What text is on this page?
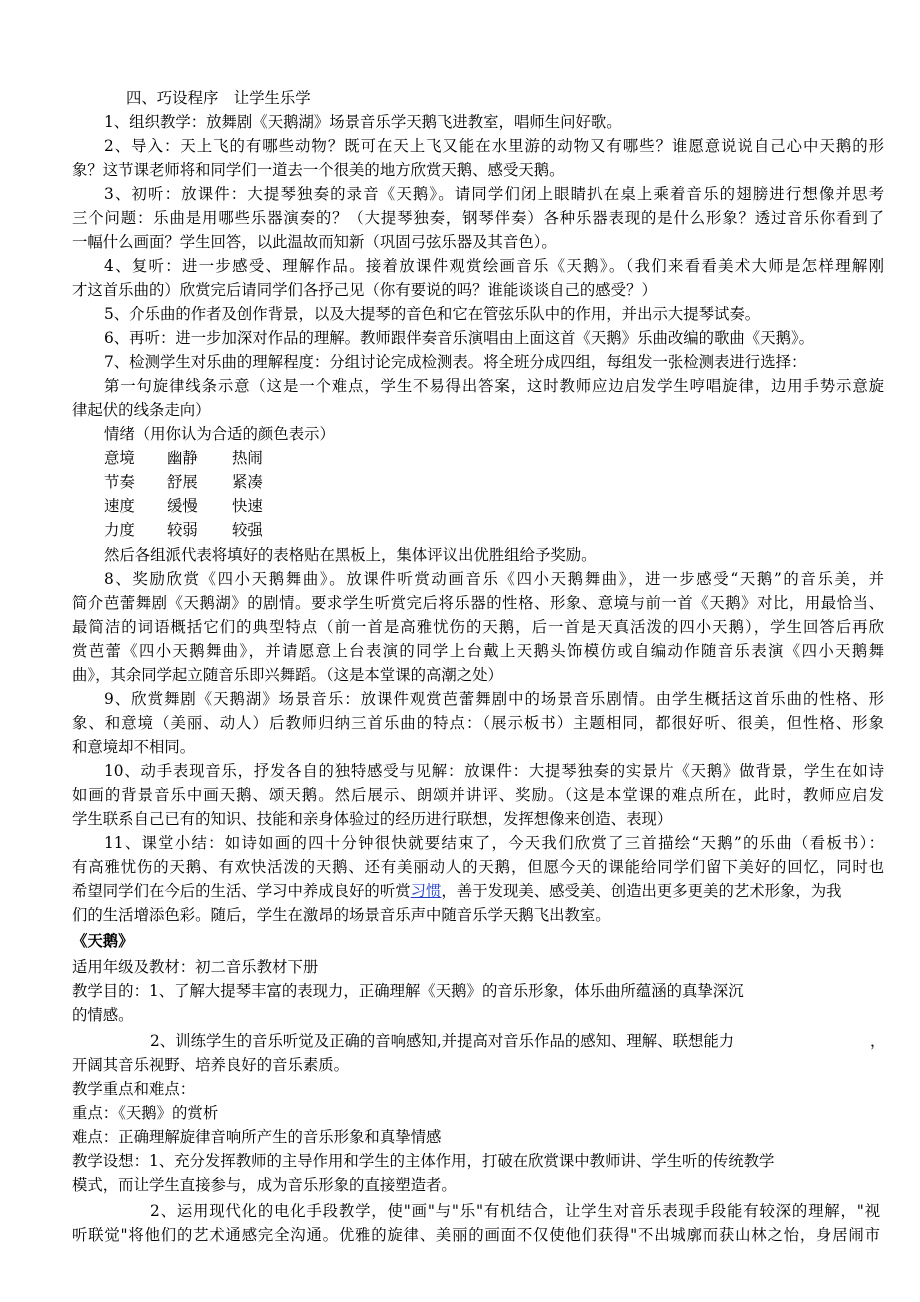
四、巧设程序　让学生乐学
1、组织教学：放舞剧《天鹅湖》场景音乐学天鹅飞进教室，唱师生问好歌。
2、导入：天上飞的有哪些动物？既可在天上飞又能在水里游的动物又有哪些？谁愿意说说自己心中天鹅的形
象？这节课老师将和同学们一道去一个很美的地方欣赏天鹅、感受天鹅。
3、初听：放课件：大提琴独奏的录音《天鹅》。请同学们闭上眼睛扒在桌上乘着音乐的翅膀进行想像并思考
三个问题：乐曲是用哪些乐器演奏的？（大提琴独奏，钢琴伴奏）各种乐器表现的是什么形象？透过音乐你看到了
一幅什么画面？学生回答，以此温故而知新（巩固弓弦乐器及其音色）。
4、复听：进一步感受、理解作品。接着放课件观赏绘画音乐《天鹅》。（我们来看看美术大师是怎样理解刚
才这首乐曲的）欣赏完后请同学们各抒己见（你有要说的吗？谁能谈谈自己的感受？）
5、介乐曲的作者及创作背景，以及大提琴的音色和它在管弦乐队中的作用，并出示大提琴试奏。
6、再听：进一步加深对作品的理解。教师跟伴奏音乐演唱由上面这首《天鹅》乐曲改编的歌曲《天鹅》。
7、检测学生对乐曲的理解程度：分组讨论完成检测表。将全班分成四组，每组发一张检测表进行选择：
第一句旋律线条示意（这是一个难点，学生不易得出答案，这时教师应边启发学生哼唱旋律，边用手势示意旋
律起伏的线条走向）
情绪（用你认为合适的颜色表示）
意境 幽静 热闹
节奏 舒展 紧凑
速度 缓慢 快速
力度 较弱 较强
然后各组派代表将填好的表格贴在黑板上，集体评议出优胜组给予奖励。
8、奖励欣赏《四小天鹅舞曲》。放课件听赏动画音乐《四小天鹅舞曲》，进一步感受“天鹅”的音乐美，并
简介芭蕾舞剧《天鹅湖》的剧情。要求学生听赏完后将乐器的性格、形象、意境与前一首《天鹅》对比，用最恰当、
最简洁的词语概括它们的典型特点（前一首是高雅忧伤的天鹅，后一首是天真活泼的四小天鹅），学生回答后再欣
赏芭蕾《四小天鹅舞曲》，并请愿意上台表演的同学上台戴上天鹅头饰模仿或自编动作随音乐表演《四小天鹅舞
曲》，其余同学起立随音乐即兴舞蹈。（这是本堂课的高潮之处）
9、欣赏舞剧《天鹅湖》场景音乐：放课件观赏芭蕾舞剧中的场景音乐剧情。由学生概括这首乐曲的性格、形
象、和意境（美丽、动人）后教师归纳三首乐曲的特点：（展示板书）主题相同，都很好听、很美，但性格、形象
和意境却不相同。
10、动手表现音乐，抒发各自的独特感受与见解：放课件：大提琴独奏的实景片《天鹅》做背景，学生在如诗
如画的背景音乐中画天鹅、颂天鹅。然后展示、朗颂并讲评、奖励。（这是本堂课的难点所在，此时，教师应启发
学生联系自己已有的知识、技能和亲身体验过的经历进行联想，发挥想像来创造、表现）
11、课堂小结：如诗如画的四十分钟很快就要结束了，今天我们欣赏了三首描绘“天鹅”的乐曲（看板书）：
有高雅忧伤的天鹅、有欢快活泼的天鹅、还有美丽动人的天鹅，但愿今天的课能给同学们留下美好的回忆，同时也
希望同学们在今后的生活、学习中养成良好的听赏习惯，善于发现美、感受美、创造出更多更美的艺术形象，为我
们的生活增添色彩。随后，学生在激昂的场景音乐声中随音乐学天鹅飞出教室。
《天鹅》
适用年级及教材：初二音乐教材下册
教学目的：1、了解大提琴丰富的表现力，正确理解《天鹅》的音乐形象，体乐曲所蕴涵的真挚深沉
的情感。
2、训练学生的音乐听觉及正确的音响感知,并提高对音乐作品的感知、理解、联想能力	，
开阔其音乐视野、培养良好的音乐素质。
教学重点和难点：
重点：《天鹅》的赏析
难点：正确理解旋律音响所产生的音乐形象和真挚情感
教学设想：1、充分发挥教师的主导作用和学生的主体作用，打破在欣赏课中教师讲、学生听的传统教学
模式，而让学生直接参与，成为音乐形象的直接塑造者。
2、运用现代化的电化手段教学，使"画"与"乐"有机结合，让学生对音乐表现手段能有较深的理解，"视
听联觉"将他们的艺术通感完全沟通。优雅的旋律、美丽的画面不仅使他们获得"不出城廓而获山林之怡，身居闹市
